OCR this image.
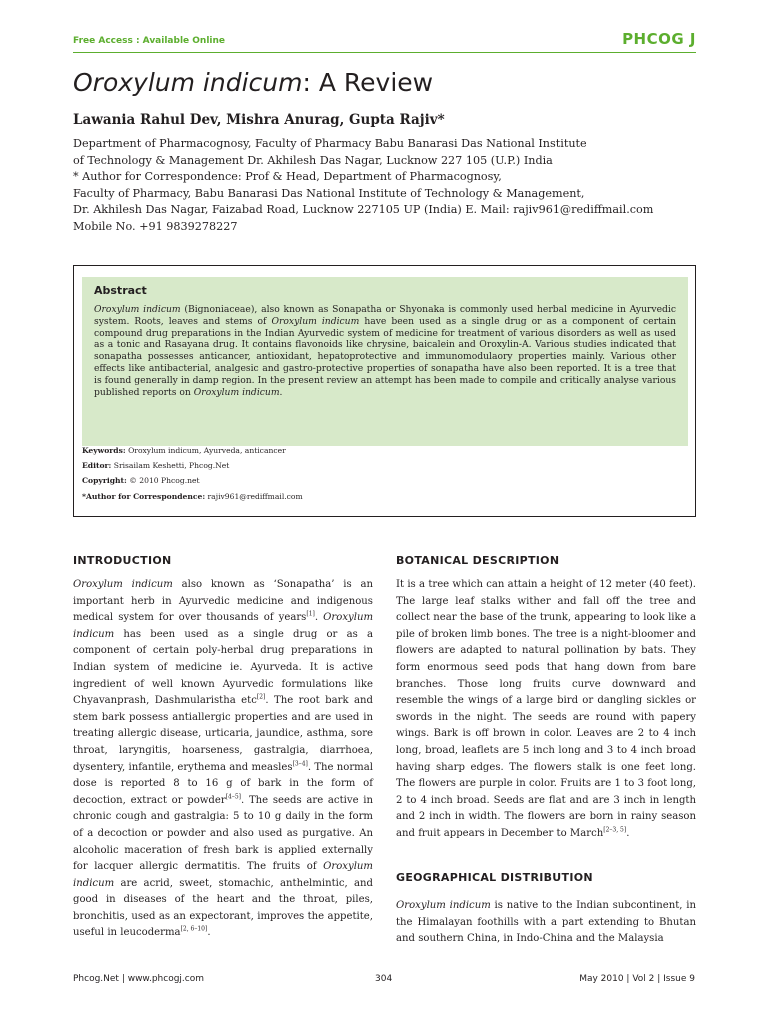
Free Access : Available Online	PHCOG J
Oroxylum indicum: A Review
Lawania Rahul Dev, Mishra Anurag, Gupta Rajiv*
Department of Pharmacognosy, Faculty of Pharmacy Babu Banarasi Das National Institute
of Technology & Management Dr. Akhilesh Das Nagar, Lucknow 227 105 (U.P.) India
* Author for Correspondence: Prof & Head, Department of Pharmacognosy,
Faculty of Pharmacy, Babu Banarasi Das National Institute of Technology & Management,
Dr. Akhilesh Das Nagar, Faizabad Road, Lucknow 227105 UP (India) E. Mail: rajiv961@rediffmail.com
Mobile No. +91 9839278227
Abstract
Oroxylum indicum (Bignoniaceae), also known as Sonapatha or Shyonaka is commonly used herbal medicine in Ayurvedic system. Roots, leaves and stems of Oroxylum indicum have been used as a single drug or as a component of certain compound drug preparations in the Indian Ayurvedic system of medicine for treatment of various disorders as well as used as a tonic and Rasayana drug. It contains flavonoids like chrysine, baicalein and Oroxylin-A. Various studies indicated that sonapatha possesses anticancer, antioxidant, hepatoprotective and immunomodulaory properties mainly. Various other effects like antibacterial, analgesic and gastro-protective properties of sonapatha have also been reported. It is a tree that is found generally in damp region. In the present review an attempt has been made to compile and critically analyse various published reports on Oroxylum indicum.
Keywords: Oroxylum indicum, Ayurveda, anticancer
Editor: Srisailam Keshetti, Phcog.Net
Copyright: © 2010 Phcog.net
*Author for Correspondence: rajiv961@rediffmail.com
INTRODUCTION
Oroxylum indicum also known as ‘Sonapatha’ is an important herb in Ayurvedic medicine and indigenous medical system for over thousands of years[1]. Oroxylum indicum has been used as a single drug or as a component of certain poly-herbal drug preparations in Indian system of medicine ie. Ayurveda. It is active ingredient of well known Ayurvedic formulations like Chyavanprash, Dashmularistha etc[2]. The root bark and stem bark possess antiallergic properties and are used in treating allergic disease, urticaria, jaundice, asthma, sore throat, laryngitis, hoarseness, gastralgia, diarrhoea, dysentery, infantile, erythema and measles[3–4]. The normal dose is reported 8 to 16 g of bark in the form of decoction, extract or powder[4–5]. The seeds are active in chronic cough and gastralgia: 5 to 10 g daily in the form of a decoction or powder and also used as purgative. An alcoholic maceration of fresh bark is applied externally for lacquer allergic dermatitis. The fruits of Oroxylum indicum are acrid, sweet, stomachic, anthelmintic, and good in diseases of the heart and the throat, piles, bronchitis, used as an expectorant, improves the appetite, useful in leucoderma[2, 6–10].
BOTANICAL DESCRIPTION
It is a tree which can attain a height of 12 meter (40 feet). The large leaf stalks wither and fall off the tree and collect near the base of the trunk, appearing to look like a pile of broken limb bones. The tree is a night-bloomer and flowers are adapted to natural pollination by bats. They form enormous seed pods that hang down from bare branches. Those long fruits curve downward and resemble the wings of a large bird or dangling sickles or swords in the night. The seeds are round with papery wings. Bark is off brown in color. Leaves are 2 to 4 inch long, broad, leaflets are 5 inch long and 3 to 4 inch broad having sharp edges. The flowers stalk is one feet long. The flowers are purple in color. Fruits are 1 to 3 foot long, 2 to 4 inch broad. Seeds are flat and are 3 inch in length and 2 inch in width. The flowers are born in rainy season and fruit appears in December to March[2–3, 5].
GEOGRAPHICAL DISTRIBUTION
Oroxylum indicum is native to the Indian subcontinent, in the Himalayan foothills with a part extending to Bhutan and southern China, in Indo-China and the Malaysia
Phcog.Net | www.phcogj.com	304	May 2010 | Vol 2 | Issue 9
